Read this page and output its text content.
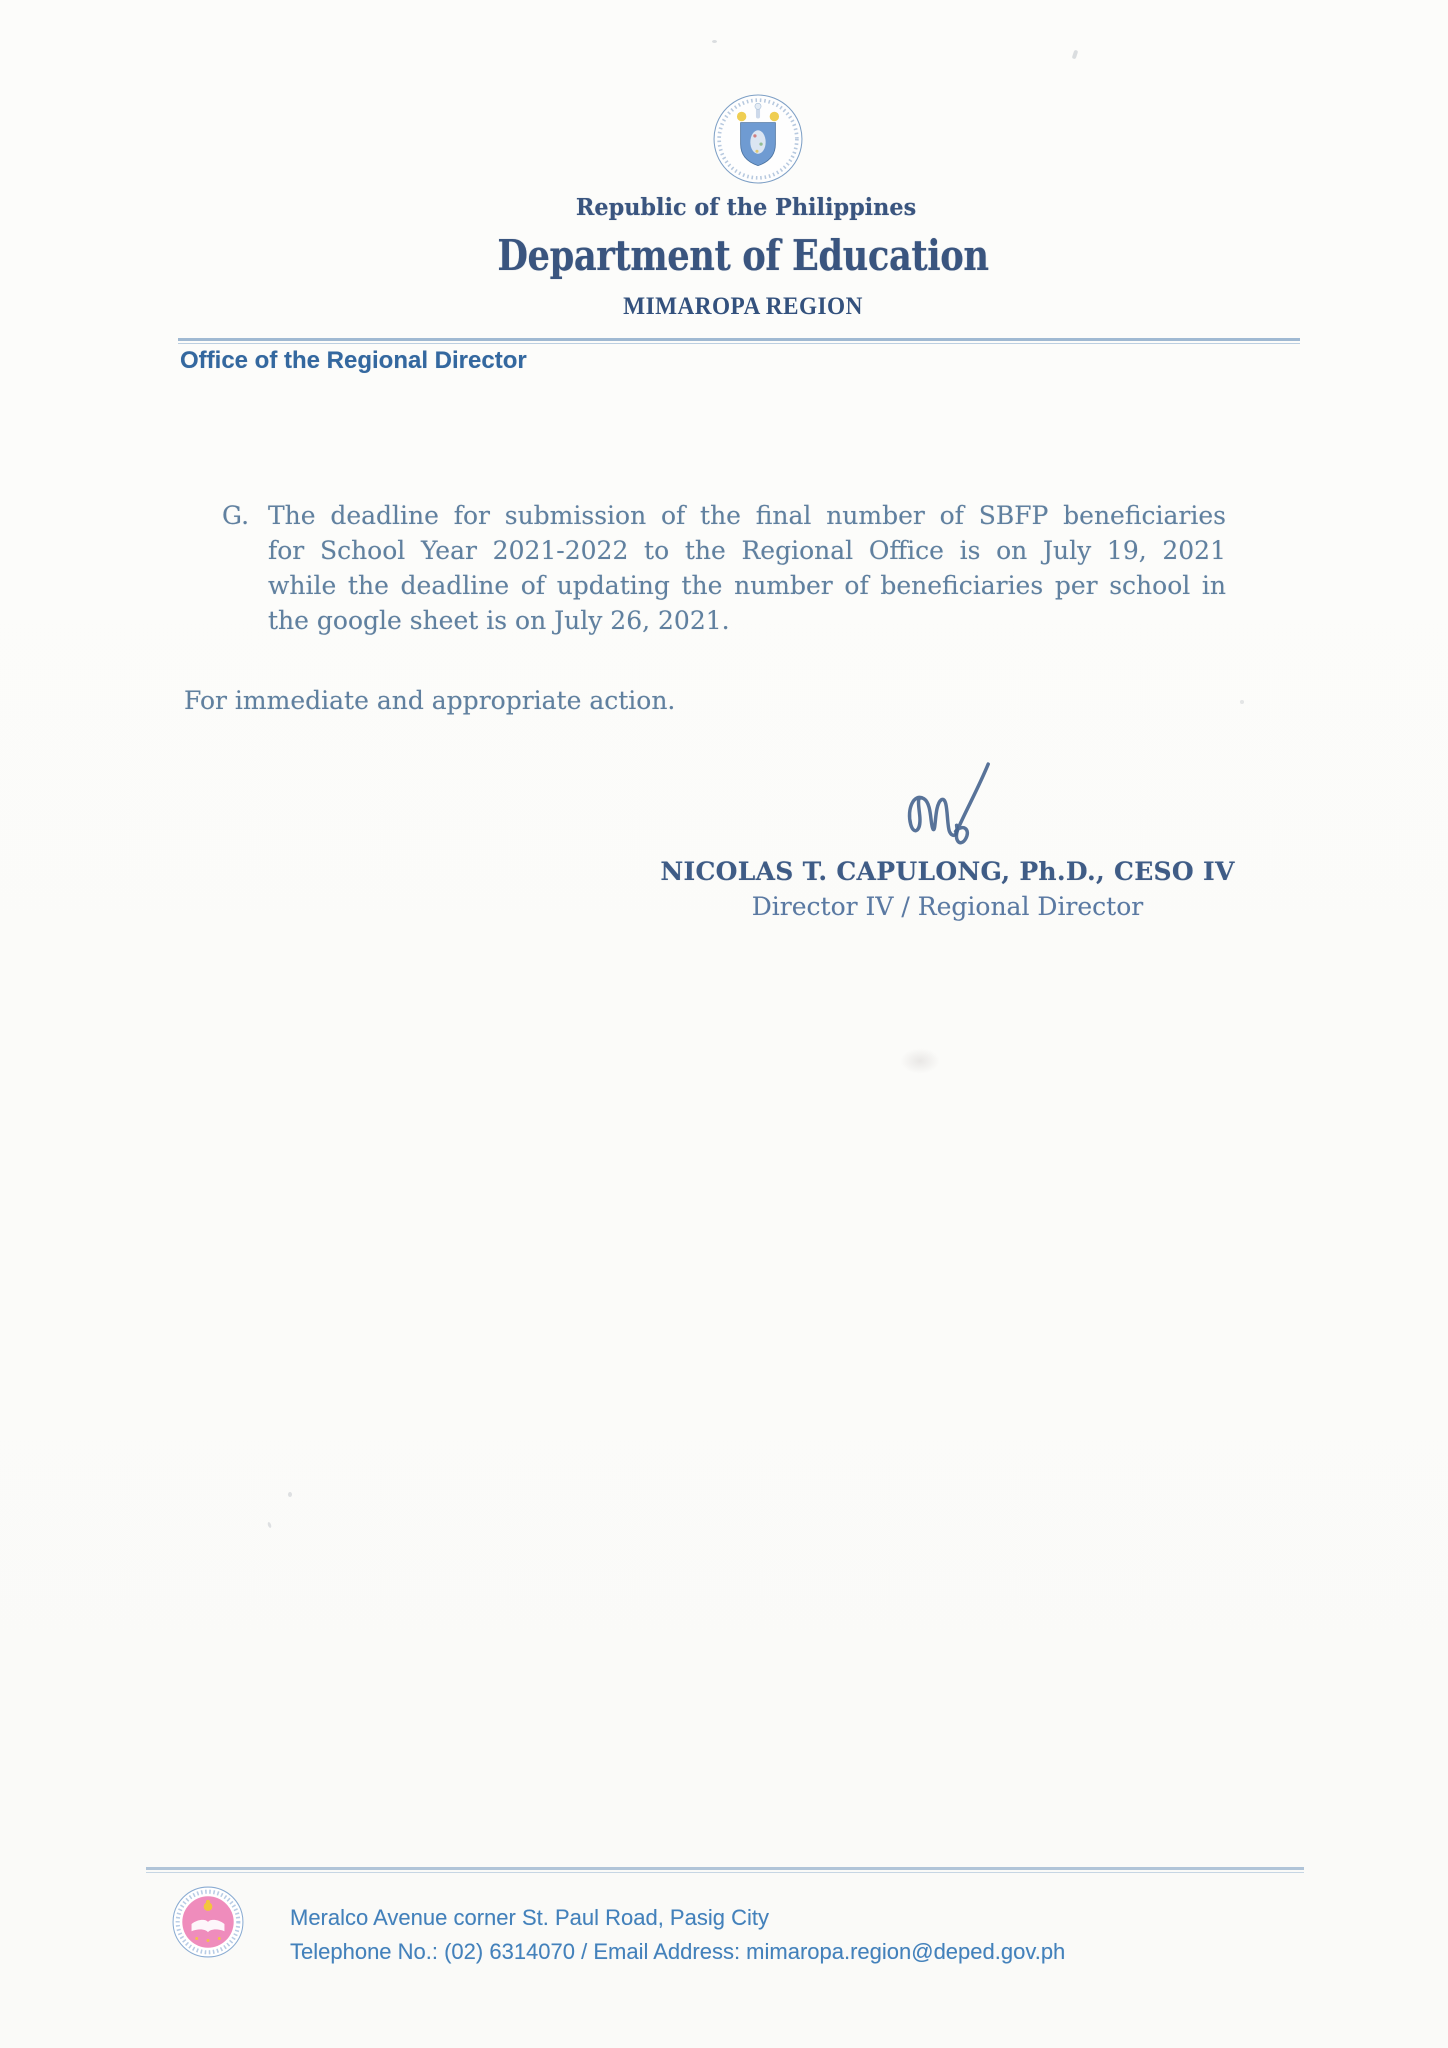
Republic of the Philippines
Department of Education
MIMAROPA REGION
Office of the Regional Director
G. The deadline for submission of the final number of SBFP beneficiaries
for School Year 2021-2022 to the Regional Office is on July 19, 2021
while the deadline of updating the number of beneficiaries per school in
the google sheet is on July 26, 2021.
For immediate and appropriate action.
NICOLAS T. CAPULONG, Ph.D., CESO IV
Director IV / Regional Director
Meralco Avenue corner St. Paul Road, Pasig City
Telephone No.: (02) 6314070 / Email Address: mimaropa.region@deped.gov.ph
